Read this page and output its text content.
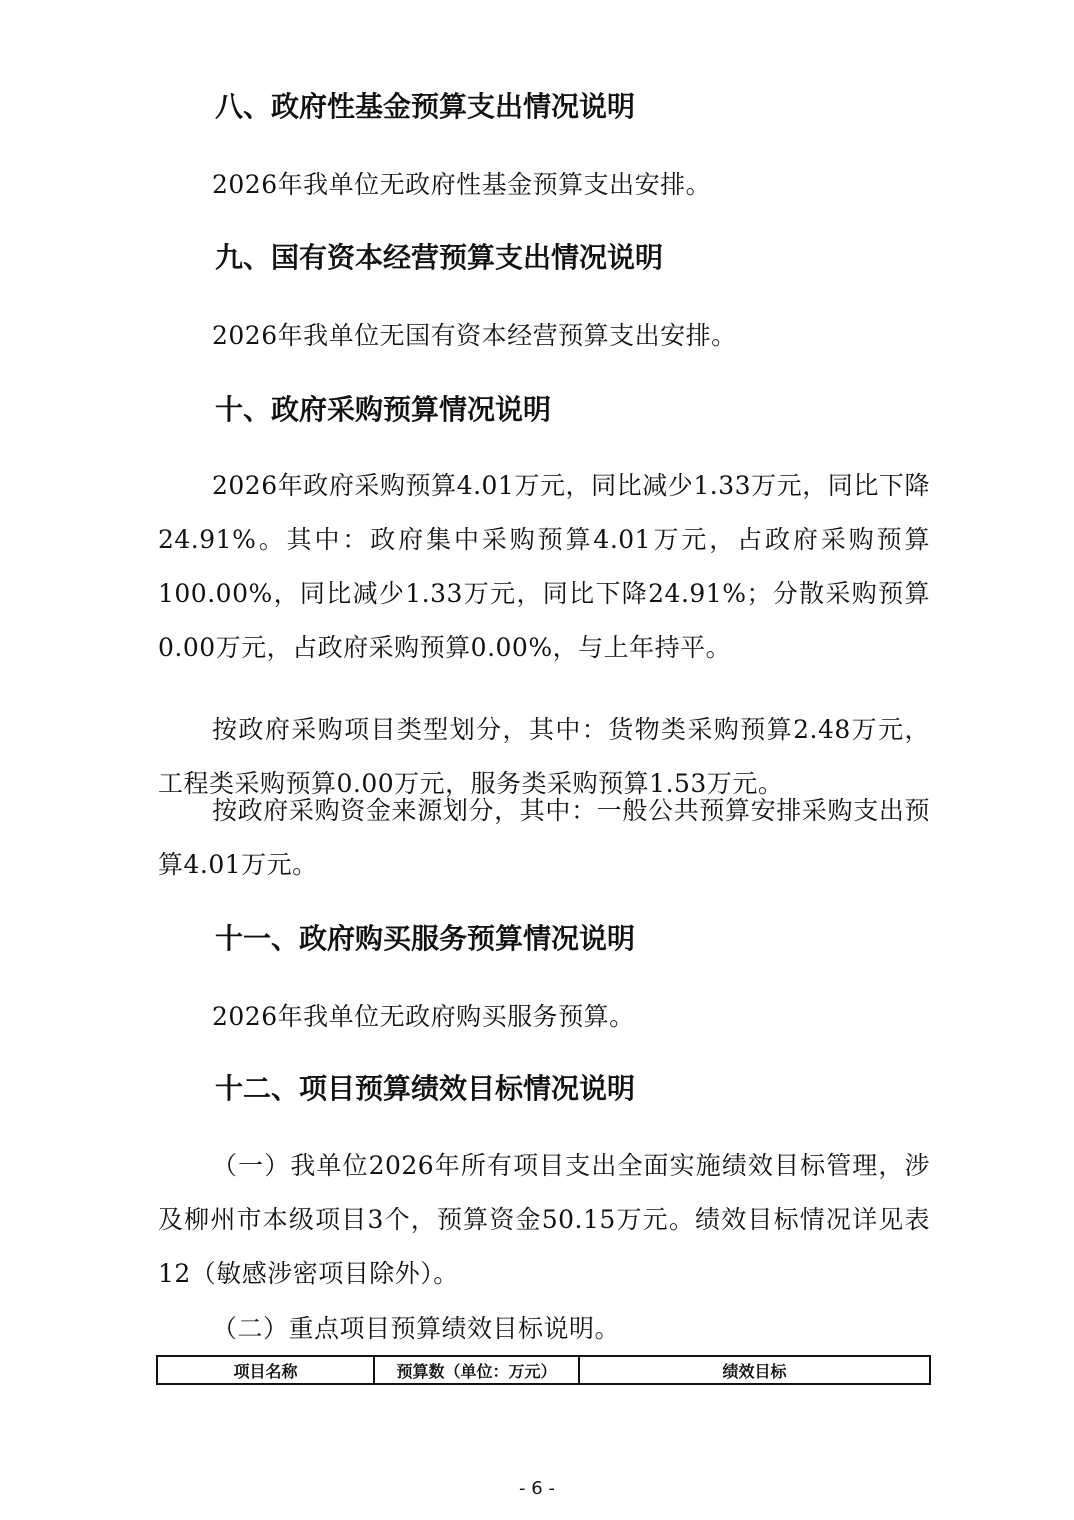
八、政府性基金预算支出情况说明

2026年我单位无政府性基金预算支出安排。

九、国有资本经营预算支出情况说明

2026年我单位无国有资本经营预算支出安排。

十、政府采购预算情况说明

2026年政府采购预算4.01万元，同比减少1.33万元，同比下降24.91%。其中：政府集中采购预算4.01万元，占政府采购预算100.00%，同比减少1.33万元，同比下降24.91%；分散采购预算0.00万元，占政府采购预算0.00%，与上年持平。

按政府采购项目类型划分，其中：货物类采购预算2.48万元，工程类采购预算0.00万元，服务类采购预算1.53万元。

按政府采购资金来源划分，其中：一般公共预算安排采购支出预算4.01万元。

十一、政府购买服务预算情况说明

2026年我单位无政府购买服务预算。

十二、项目预算绩效目标情况说明

（一）我单位2026年所有项目支出全面实施绩效目标管理，涉及柳州市本级项目3个，预算资金50.15万元。绩效目标情况详见表12（敏感涉密项目除外）。

（二）重点项目预算绩效目标说明。

项目名称	预算数（单位：万元）	绩效目标
- 6 -
